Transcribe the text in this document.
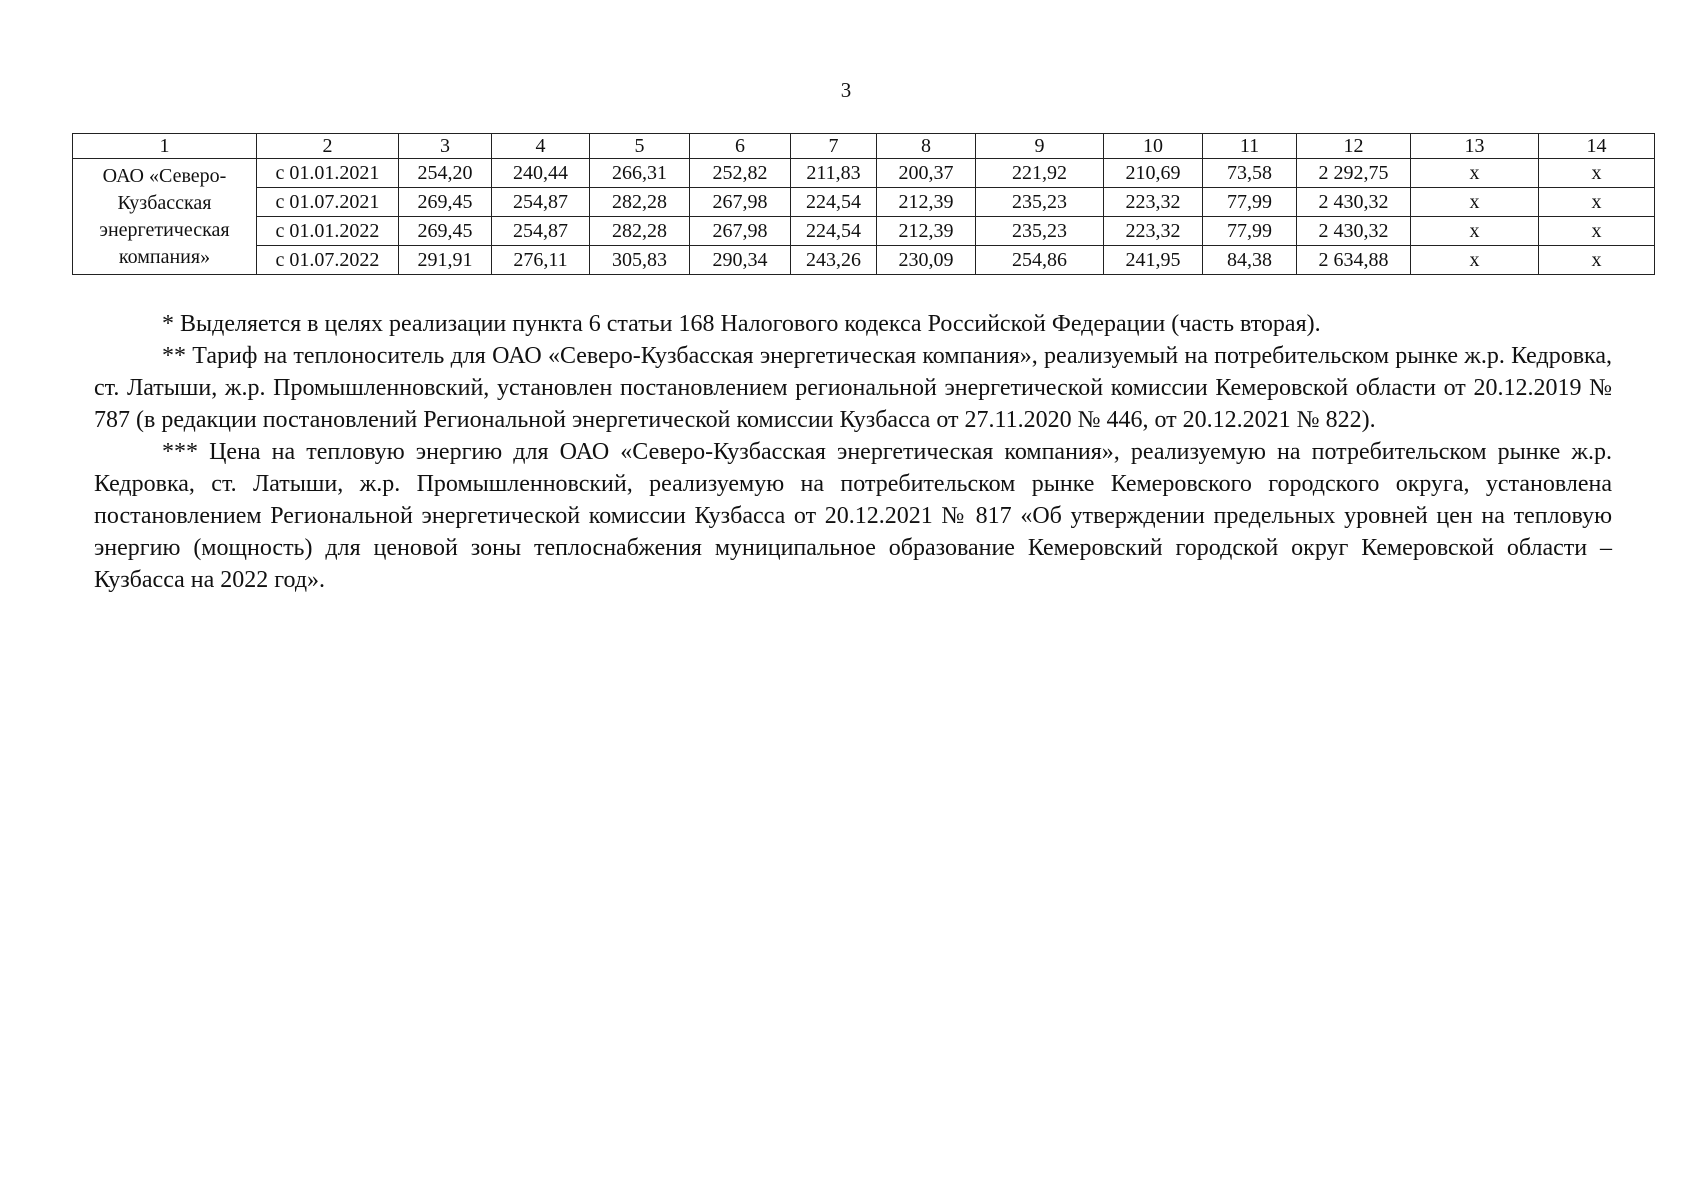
3
1	2	3	4	5	6	7	8	9	10	11	12	13	14
ОАО «Северо-Кузбасская энергетическая компания»	с 01.01.2021	254,20	240,44	266,31	252,82	211,83	200,37	221,92	210,69	73,58	2 292,75	х	х
	с 01.07.2021	269,45	254,87	282,28	267,98	224,54	212,39	235,23	223,32	77,99	2 430,32	х	х
	с 01.01.2022	269,45	254,87	282,28	267,98	224,54	212,39	235,23	223,32	77,99	2 430,32	х	х
	с 01.07.2022	291,91	276,11	305,83	290,34	243,26	230,09	254,86	241,95	84,38	2 634,88	х	х

* Выделяется в целях реализации пункта 6 статьи 168 Налогового кодекса Российской Федерации (часть вторая).

** Тариф на теплоноситель для ОАО «Северо-Кузбасская энергетическая компания», реализуемый на потребительском рынке ж.р. Кедровка, ст. Латыши, ж.р. Промышленновский, установлен постановлением региональной энергетической комиссии Кемеровской области от 20.12.2019 № 787 (в редакции постановлений Региональной энергетической комиссии Кузбасса от 27.11.2020 № 446, от 20.12.2021 № 822).

*** Цена на тепловую энергию для ОАО «Северо-Кузбасская энергетическая компания», реализуемую на потребительском рынке ж.р. Кедровка, ст. Латыши, ж.р. Промышленновский, реализуемую на потребительском рынке Кемеровского городского округа, установлена постановлением Региональной энергетической комиссии Кузбасса от 20.12.2021 № 817 «Об утверждении предельных уровней цен на тепловую энергию (мощность) для ценовой зоны теплоснабжения муниципальное образование Кемеровский городской округ Кемеровской области – Кузбасса на 2022 год».
